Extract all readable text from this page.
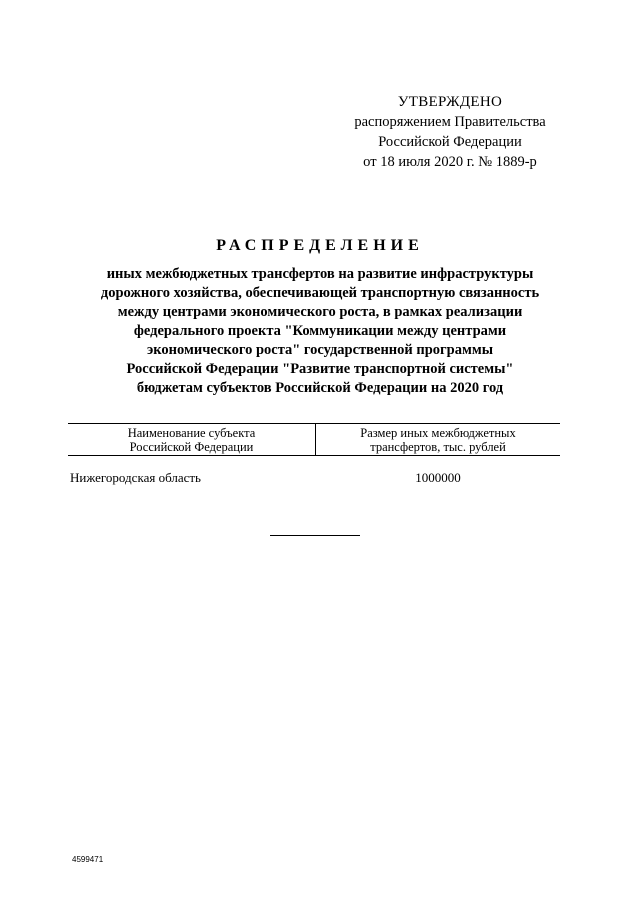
УТВЕРЖДЕНО
распоряжением Правительства
Российской Федерации
от 18 июля 2020 г. № 1889-р
РАСПРЕДЕЛЕНИЕ
иных межбюджетных трансфертов на развитие инфраструктуры
дорожного хозяйства, обеспечивающей транспортную связанность
между центрами экономического роста, в рамках реализации
федерального проекта "Коммуникации между центрами
экономического роста" государственной программы
Российской Федерации "Развитие транспортной системы"
бюджетам субъектов Российской Федерации на 2020 год
Наименование субъекта
Российской Федерации
Размер иных межбюджетных
трансфертов, тыс. рублей
Нижегородская область	1000000
4599471
